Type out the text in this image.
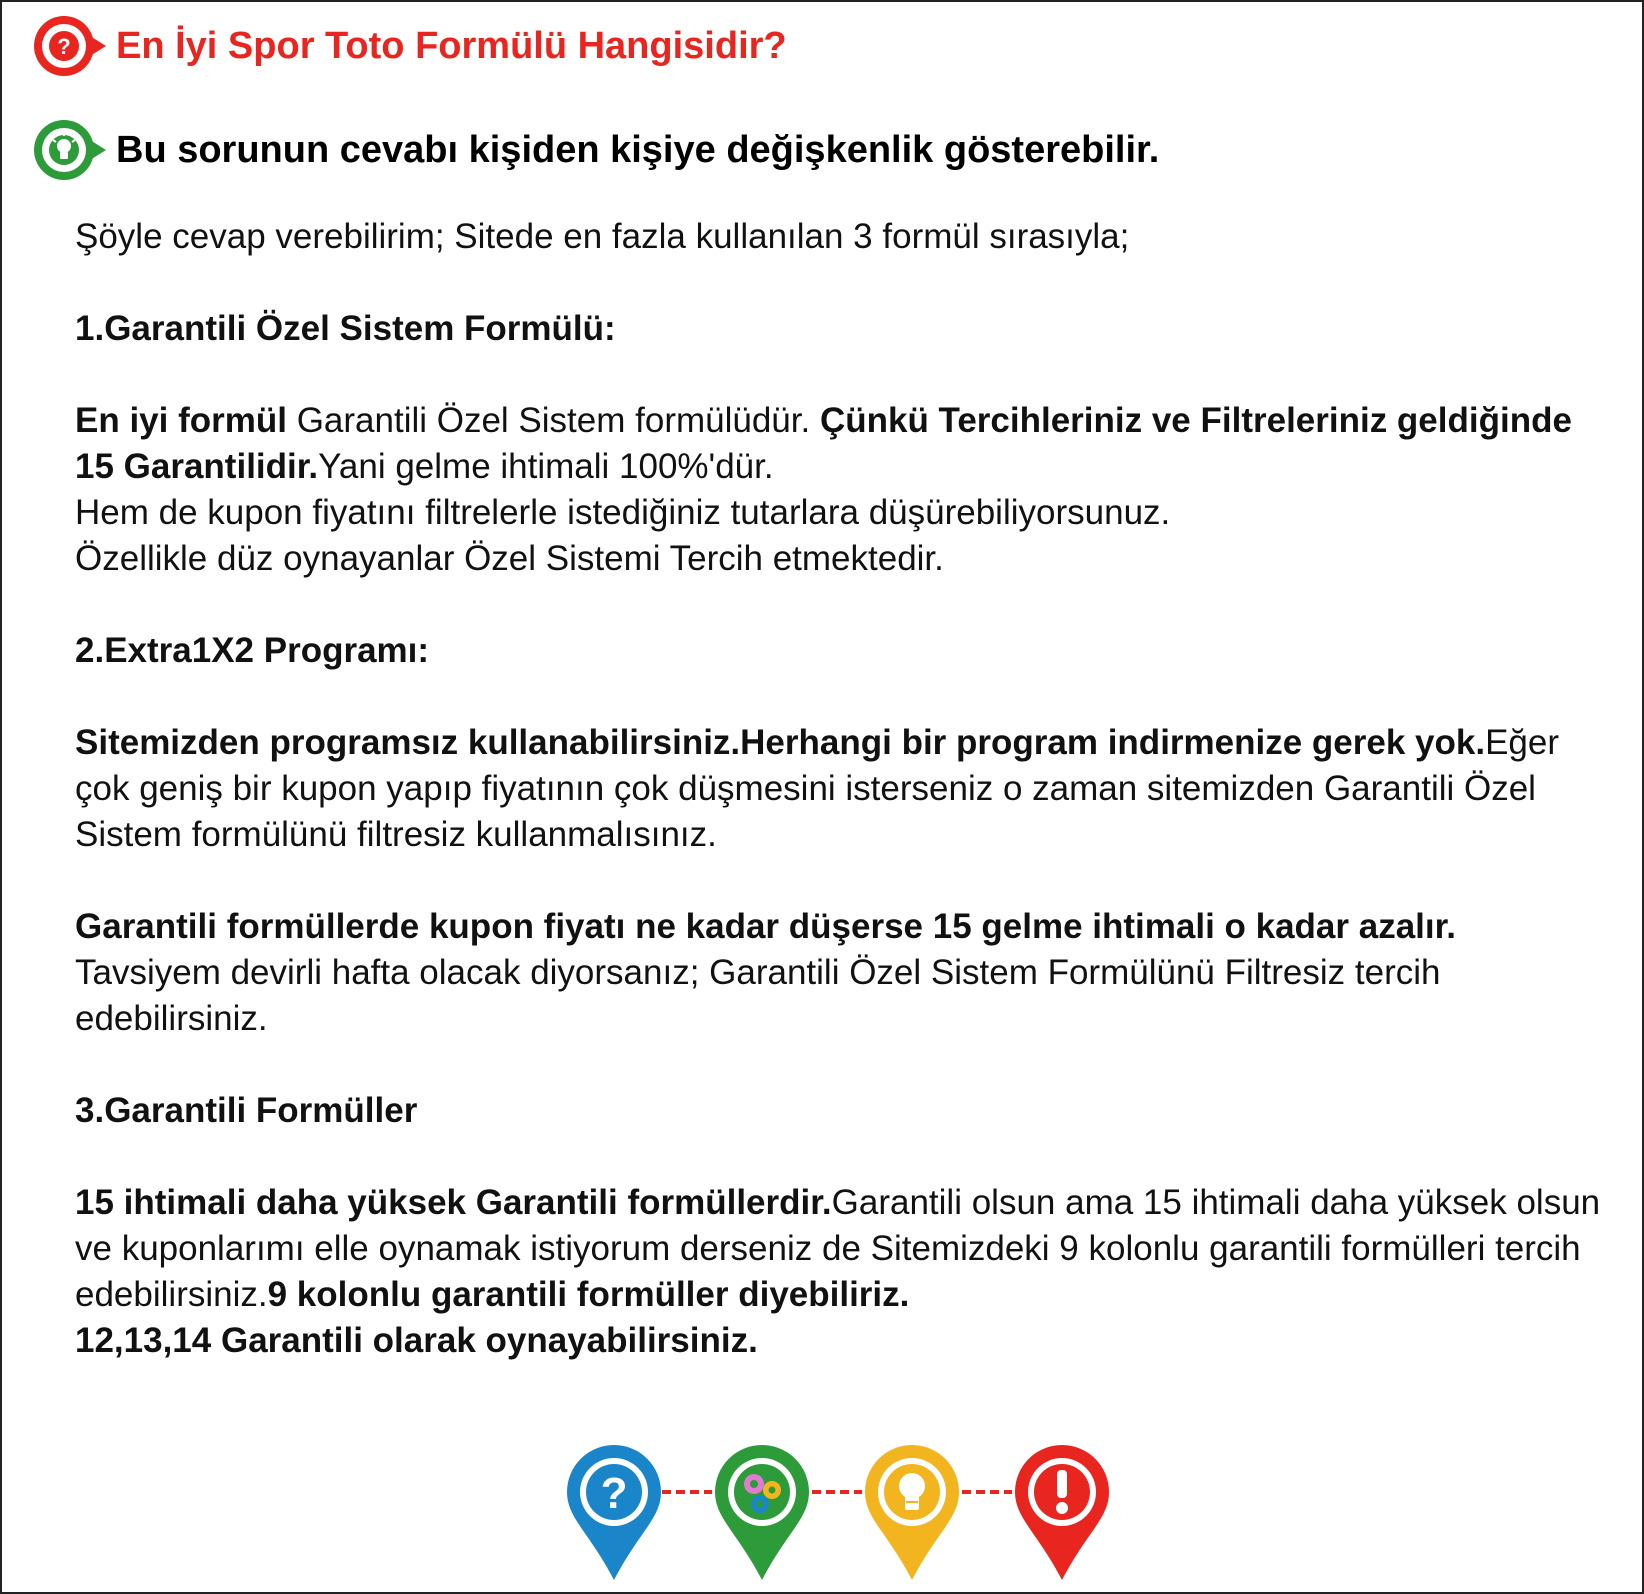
? En İyi Spor Toto Formülü Hangisidir?
Bu sorunun cevabı kişiden kişiye değişkenlik gösterebilir.

Şöyle cevap verebilirim; Sitede en fazla kullanılan 3 formül sırasıyla;

1.Garantili Özel Sistem Formülü:

En iyi formül Garantili Özel Sistem formülüdür. Çünkü Tercihleriniz ve Filtreleriniz geldiğinde 15 Garantilidir.Yani gelme ihtimali 100%'dür.

Hem de kupon fiyatını filtrelerle istediğiniz tutarlara düşürebiliyorsunuz.

Özellikle düz oynayanlar Özel Sistemi Tercih etmektedir.

2.Extra1X2 Programı:

Sitemizden programsız kullanabilirsiniz.Herhangi bir program indirmenize gerek yok.Eğer çok geniş bir kupon yapıp fiyatının çok düşmesini isterseniz o zaman sitemizden Garantili Özel Sistem formülünü filtresiz kullanmalısınız.

Garantili formüllerde kupon fiyatı ne kadar düşerse 15 gelme ihtimali o kadar azalır.

Tavsiyem devirli hafta olacak diyorsanız; Garantili Özel Sistem Formülünü Filtresiz tercih edebilirsiniz.

3.Garantili Formüller

15 ihtimali daha yüksek Garantili formüllerdir.Garantili olsun ama 15 ihtimali daha yüksek olsun ve kuponlarımı elle oynamak istiyorum derseniz de Sitemizdeki 9 kolonlu garantili formülleri tercih edebilirsiniz.9 kolonlu garantili formüller diyebiliriz.

12,13,14 Garantili olarak oynayabilirsiniz.

?
